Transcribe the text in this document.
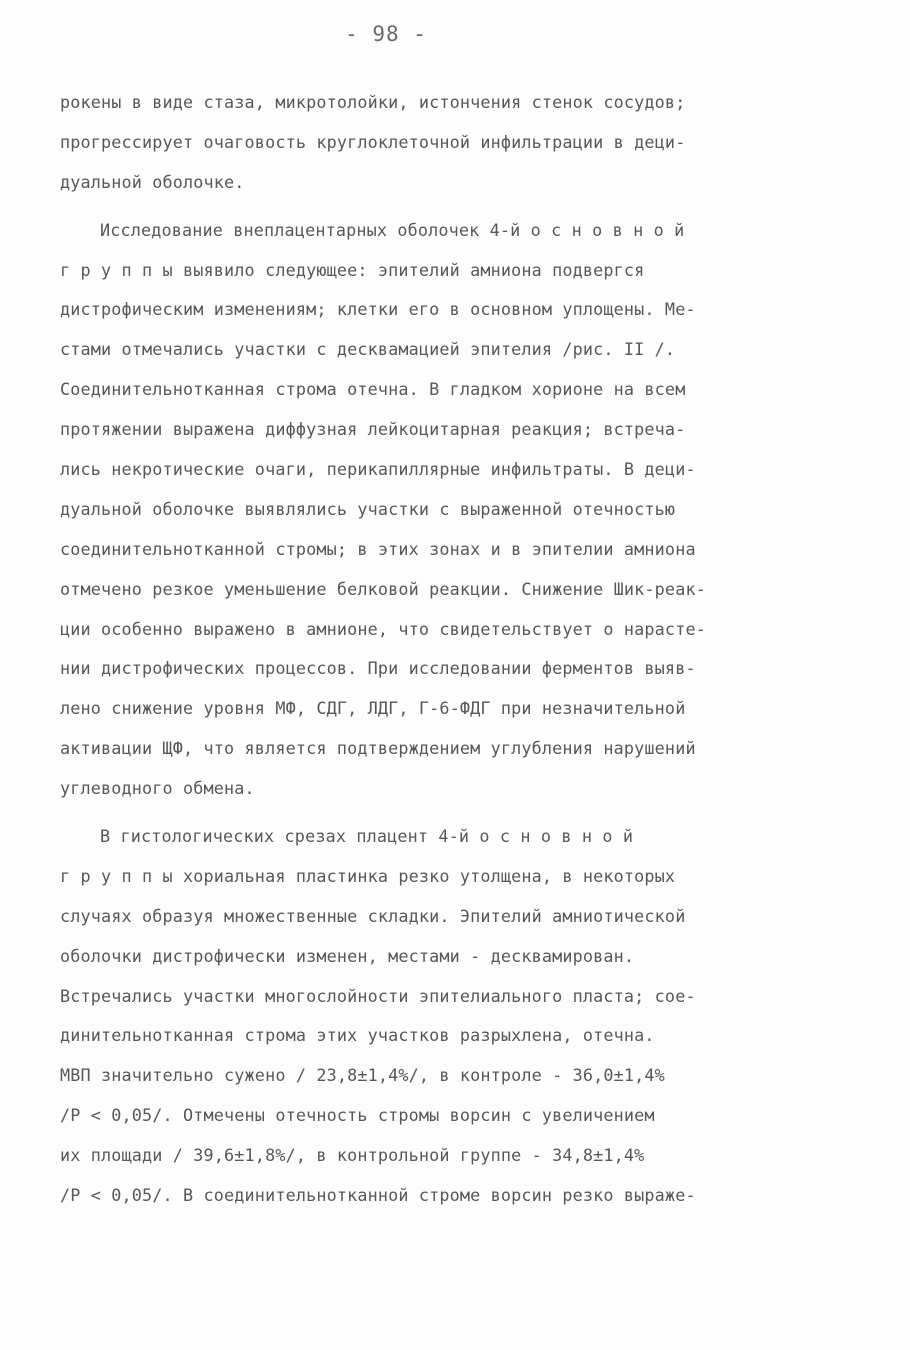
- 98 -
рокены в виде стаза, микротолойки, истончения стенок сосудов;
прогрессирует очаговость круглоклеточной инфильтрации в деци-
дуальной оболочке.
Исследование внеплацентарных оболочек 4-й о с н о в н о й
г р у п п ы выявило следующее: эпителий амниона подвергся
дистрофическим изменениям; клетки его в основном уплощены. Ме-
стами отмечались участки с десквамацией эпителия /рис. II /.
Соединительнотканная строма отечна. В гладком хорионе на всем
протяжении выражена диффузная лейкоцитарная реакция; встреча-
лись некротические очаги, перикапиллярные инфильтраты. В деци-
дуальной оболочке выявлялись участки с выраженной отечностью
соединительнотканной стромы; в этих зонах и в эпителии амниона
отмечено резкое уменьшение белковой реакции. Снижение Шик-реак-
ции особенно выражено в амнионе, что свидетельствует о нарасте-
нии дистрофических процессов. При исследовании ферментов выяв-
лено снижение уровня МФ, СДГ, ЛДГ, Г-6-ФДГ при незначительной
активации ЩФ, что является подтверждением углубления нарушений
углеводного обмена.
В гистологических срезах плацент 4-й о с н о в н о й
г р у п п ы хориальная пластинка резко утолщена, в некоторых
случаях образуя множественные складки. Эпителий амниотической
оболочки дистрофически изменен, местами - десквамирован.
Встречались участки многослойности эпителиального пласта; сое-
динительнотканная строма этих участков разрыхлена, отечна.
МВП значительно сужено / 23,8±1,4%/, в контроле - 36,0±1,4%
/Р < 0,05/. Отмечены отечность стромы ворсин с увеличением
их площади / 39,6±1,8%/, в контрольной группе - 34,8±1,4%
/Р < 0,05/. В соединительнотканной строме ворсин резко выраже-
